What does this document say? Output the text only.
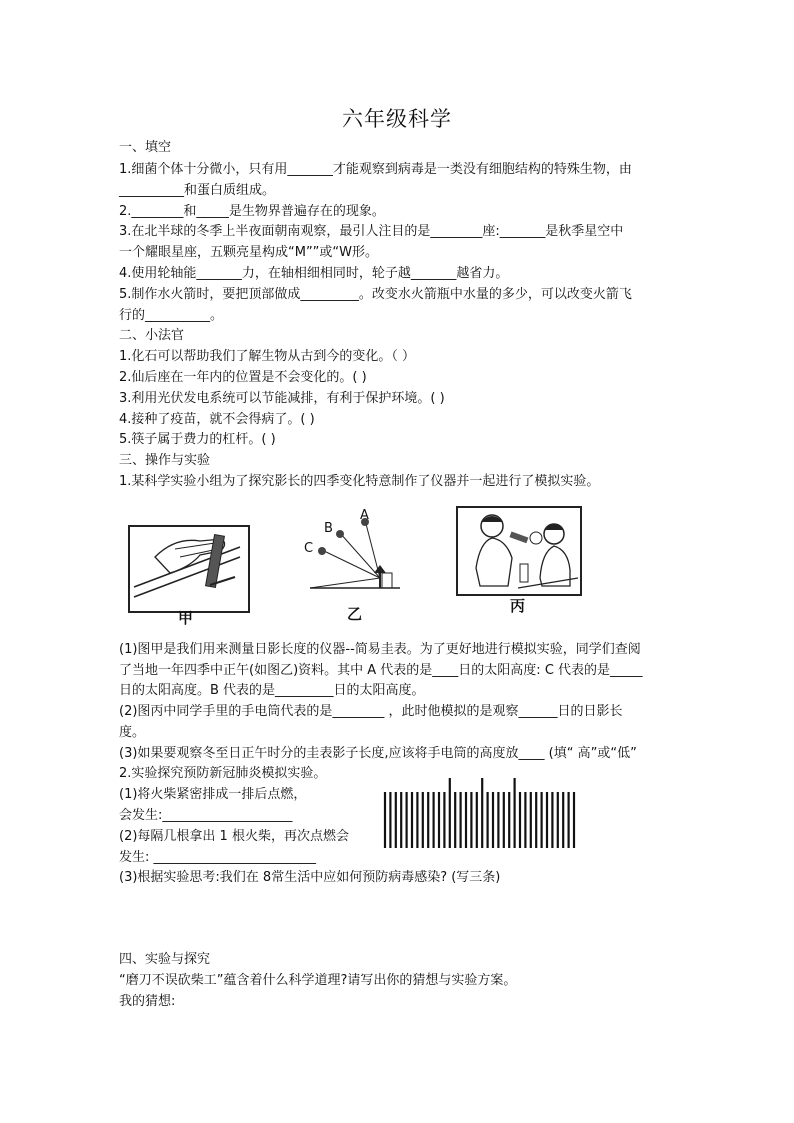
六年级科学
一、填空
1.细菌个体十分微小，只有用_______才能观察到病毒是一类没有细胞结构的特殊生物，由
__________和蛋白质组成。
2.________和_____是生物界普遍存在的现象。
3.在北半球的冬季上半夜面朝南观察，最引人注目的是________座:_______是秋季星空中
一个耀眼星座，五颗亮星构成“M””或“W形。
4.使用轮轴能_______力，在轴相细相同时，轮子越_______越省力。
5.制作水火箭时，要把顶部做成_________。改变水火箭瓶中水量的多少，可以改变火箭飞
行的__________。
二、小法官
1.化石可以帮助我们了解生物从古到今的变化。（ ）
2.仙后座在一年内的位置是不会变化的。( )
3.利用光伏发电系统可以节能减排，有利于保护环境。( )
4.接种了疫苗，就不会得病了。( )
5.筷子属于费力的杠杆。( )
三、操作与实验
1.某科学实验小组为了探究影长的四季变化特意制作了仪器并一起进行了模拟实验。
甲
A
B
C
乙	丙
(1)图甲是我们用来测量日影长度的仪器--简易圭表。为了更好地进行模拟实验，同学们查阅
了当地一年四季中正午(如图乙)资料。其中 A 代表的是____日的太阳高度: C 代表的是_____
日的太阳高度。B 代表的是_________日的太阳高度。
(2)图丙中同学手里的手电筒代表的是________ ，此时他模拟的是观察______日的日影长
度。
(3)如果要观察冬至日正午时分的圭表影子长度,应该将手电筒的高度放____ (填“ 高”或“低”
2.实验探究预防新冠肺炎模拟实验。
(1)将火柴紧密排成一排后点燃，
会发生:____________________
(2)每隔几根拿出 1 根火柴，再次点燃会
发生: _________________________
(3)根据实验思考:我们在 8常生活中应如何预防病毒感染? (写三条)
四、实验与探究
“磨刀不误砍柴工”蕴含着什么科学道理?请写出你的猜想与实验方案。
我的猜想:
